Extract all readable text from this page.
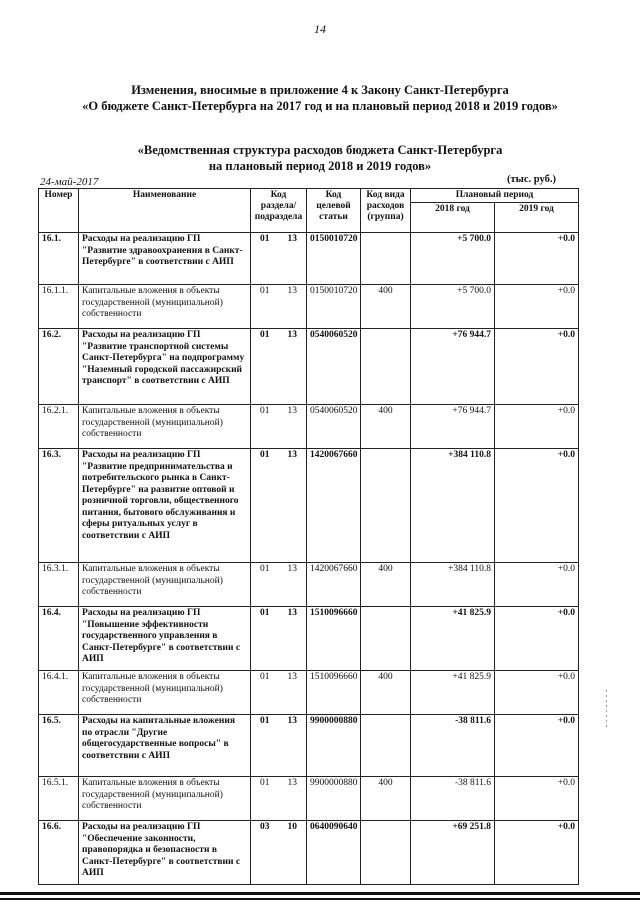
14
Изменения, вносимые в приложение 4 к Закону Санкт-Петербурга
«О бюджете Санкт-Петербурга на 2017 год и на плановый период 2018 и 2019 годов»
«Ведомственная структура расходов бюджета Санкт-Петербурга
на плановый период 2018 и 2019 годов»
24-май-2017	(тыс. руб.)
Номер	Наименование	Код раздела/ подраздела	Код целевой статьи	Код вида расходов (группа)	Плановый период	
					2018 год	2019 год
16.1.	Расходы на реализацию ГП "Развитие здравоохранения в Санкт-Петербурге" в соответствии с АИП	01 13	0150010720		+5 700.0	+0.0
16.1.1.	Капитальные вложения в объекты государственной (муниципальной) собственности	01 13	0150010720	400	+5 700.0	+0.0
16.2.	Расходы на реализацию ГП "Развитие транспортной системы Санкт-Петербурга" на подпрограмму "Наземный городской пассажирский транспорт" в соответствии с АИП	01 13	0540060520		+76 944.7	+0.0
16.2.1.	Капитальные вложения в объекты государственной (муниципальной) собственности	01 13	0540060520	400	+76 944.7	+0.0
16.3.	Расходы на реализацию ГП "Развитие предпринимательства и потребительского рынка в Санкт-Петербурге" на развитие оптовой и розничной торговли, общественного питания, бытового обслуживания и сферы ритуальных услуг в соответствии с АИП	01 13	1420067660		+384 110.8	+0.0
16.3.1.	Капитальные вложения в объекты государственной (муниципальной) собственности	01 13	1420067660	400	+384 110.8	+0.0
16.4.	Расходы на реализацию ГП "Повышение эффективности государственного управления в Санкт-Петербурге" в соответствии с АИП	01 13	1510096660		+41 825.9	+0.0
16.4.1.	Капитальные вложения в объекты государственной (муниципальной) собственности	01 13	1510096660	400	+41 825.9	+0.0
16.5.	Расходы на капитальные вложения по отрасли "Другие общегосударственные вопросы" в соответствии с АИП	01 13	9900000880		-38 811.6	+0.0
16.5.1.	Капитальные вложения в объекты государственной (муниципальной) собственности	01 13	9900000880	400	-38 811.6	+0.0
16.6.	Расходы на реализацию ГП "Обеспечение законности, правопорядка и безопасности в Санкт-Петербурге" в соответствии с АИП	03 10	0640090640		+69 251.8	+0.0
